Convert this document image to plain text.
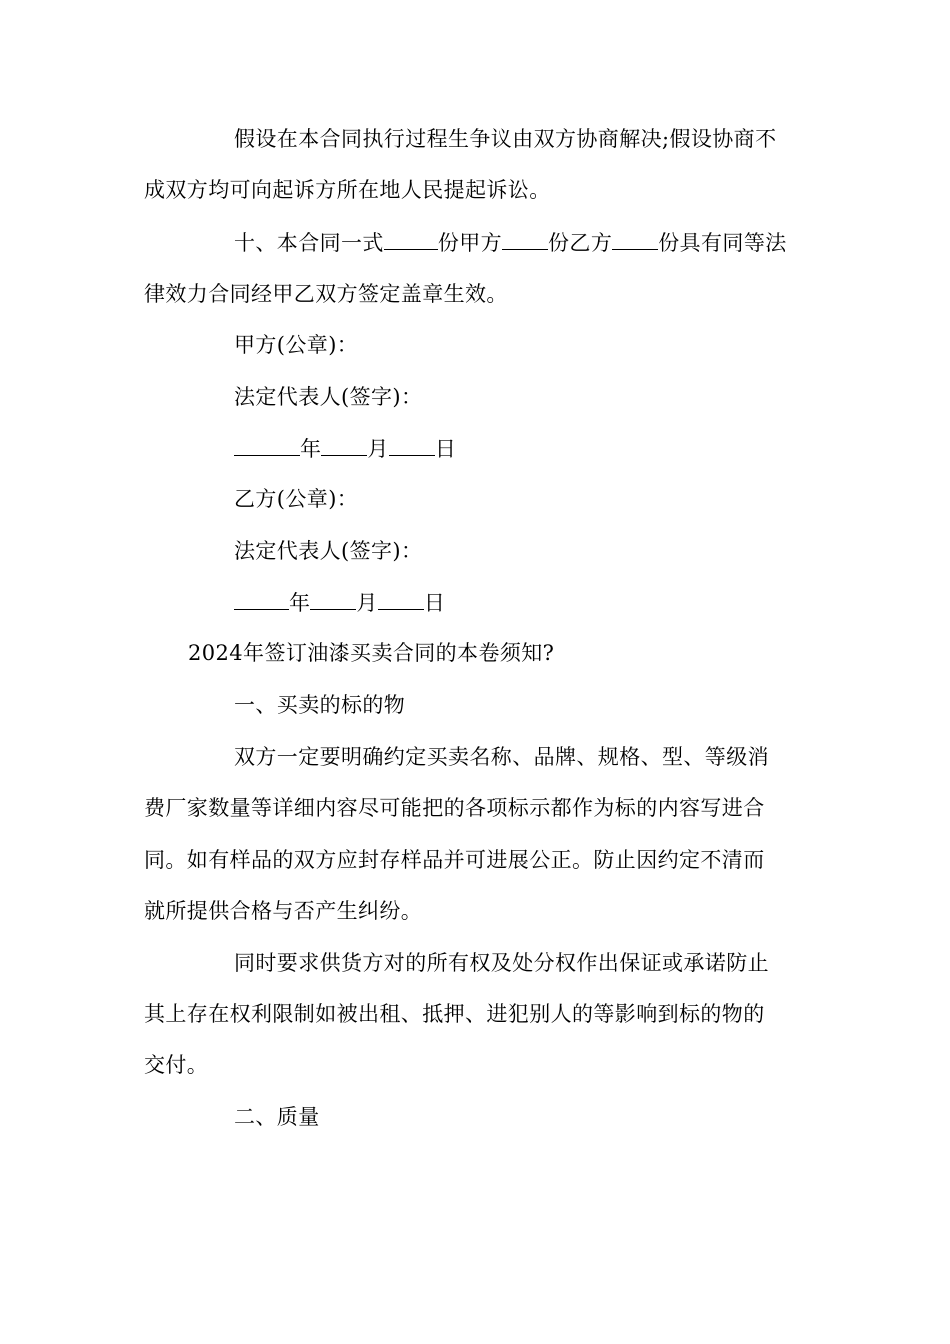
假设在本合同执行过程生争议由双方协商解决;假设协商不
成双方均可向起诉方所在地人民提起诉讼。
十、本合同一式	份甲方 份乙方 份具有同等法
律效力合同经甲乙双方签定盖章生效。
甲方(公章)：
法定代表人(签字)：
年 月 日
乙方(公章)：
法定代表人(签字)：
年 月 日
2024年签订油漆买卖合同的本卷须知?
一、买卖的标的物
双方一定要明确约定买卖名称、品牌、规格、型、等级消
费厂家数量等详细内容尽可能把的各项标示都作为标的内容写进合
同。如有样品的双方应封存样品并可进展公正。防止因约定不清而
就所提供合格与否产生纠纷。
同时要求供货方对的所有权及处分权作出保证或承诺防止
其上存在权利限制如被出租、抵押、进犯别人的等影响到标的物的
交付。
二、质量
